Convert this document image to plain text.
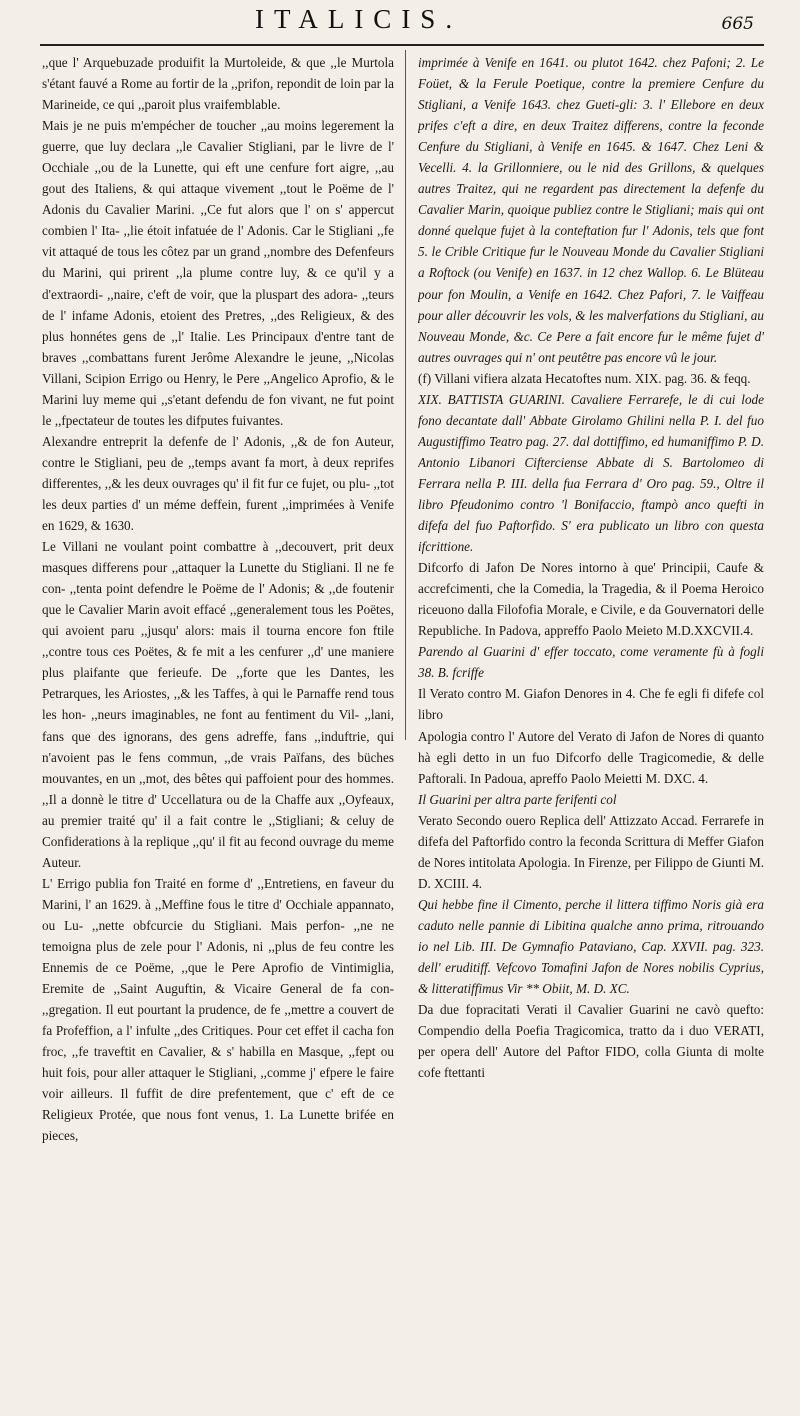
ITALICIS.	665

,,que l' Arquebuzade produifit la Murtoleide, & que ,,le Murtola s'étant fauvé a Rome au fortir de la ,,prifon, repondit de loin par la Marineide, ce qui ,,paroit plus vraifemblable.

Mais je ne puis m'empécher de toucher ,,au moins legerement la guerre, que luy declara ,,le Cavalier Stigliani, par le livre de l' Occhiale ,,ou de la Lunette, qui eft une cenfure fort aigre, ,,au gout des Italiens, & qui attaque vivement ,,tout le Poëme de l' Adonis du Cavalier Marini. ,,Ce fut alors que l' on s' appercut combien l' Ita- ,,lie étoit infatuée de l' Adonis. Car le Stigliani ,,fe vit attaqué de tous les côtez par un grand ,,nombre des Defenfeurs du Marini, qui prirent ,,la plume contre luy, & ce qu'il y a d'extraordi- ,,naire, c'eft de voir, que la pluspart des adora- ,,teurs de l' infame Adonis, etoient des Pretres, ,,des Religieux, & des plus honnétes gens de ,,l' Italie. Les Principaux d'entre tant de braves ,,combattans furent Jerôme Alexandre le jeune, ,,Nicolas Villani, Scipion Errigo ou Henry, le Pere ,,Angelico Aprofio, & le Marini luy meme qui ,,s'etant defendu de fon vivant, ne fut point le ,,fpectateur de toutes les difputes fuivantes.

Alexandre entreprit la defenfe de l' Adonis, ,,& de fon Auteur, contre le Stigliani, peu de ,,temps avant fa mort, à deux reprifes differentes, ,,& les deux ouvrages qu' il fit fur ce fujet, ou plu- ,,tot les deux parties d' un méme deffein, furent ,,imprimées à Venife en 1629, & 1630.

Le Villani ne voulant point combattre à ,,decouvert, prit deux masques differens pour ,,attaquer la Lunette du Stigliani. Il ne fe con- ,,tenta point defendre le Poëme de l' Adonis; & ,,de foutenir que le Cavalier Marin avoit effacé ,,generalement tous les Poëtes, qui avoient paru ,,jusqu' alors: mais il tourna encore fon ftile ,,contre tous ces Poëtes, & fe mit a les cenfurer ,,d' une maniere plus plaifante que ferieufe. De ,,forte que les Dantes, les Petrarques, les Ariostes, ,,& les Taffes, à qui le Parnaffe rend tous les hon- ,,neurs imaginables, ne font au fentiment du Vil- ,,lani, fans que des ignorans, des gens adreffe, fans ,,induftrie, qui n'avoient pas le fens commun, ,,de vrais Païfans, des büches mouvantes, en un ,,mot, des bêtes qui paffoient pour des hommes. ,,Il a donnè le titre d' Uccellatura ou de la Chaffe aux ,,Oyfeaux, au premier traité qu' il a fait contre le ,,Stigliani; & celuy de Confiderations à la replique ,,qu' il fit au fecond ouvrage du meme Auteur.

L' Errigo publia fon Traité en forme d' ,,Entretiens, en faveur du Marini, l' an 1629. à ,,Meffine fous le titre d' Occhiale appannato, ou Lu- ,,nette obfcurcie du Stigliani. Mais perfon- ,,ne ne temoigna plus de zele pour l' Adonis, ni ,,plus de feu contre les Ennemis de ce Poëme, ,,que le Pere Aprofio de Vintimiglia, Eremite de ,,Saint Auguftin, & Vicaire General de fa con- ,,gregation. Il eut pourtant la prudence, de fe ,,mettre a couvert de fa Profeffion, a l' infulte ,,des Critiques. Pour cet effet il cacha fon froc, ,,fe traveftit en Cavalier, & s' habilla en Masque, ,,fept ou huit fois, pour aller attaquer le Stigliani, ,,comme j' efpere le faire voir ailleurs. Il fuffit de dire prefentement, que c' eft de ce Religieux Protée, que nous font venus, 1. La Lunette brifée en pieces,

imprimée à Venife en 1641. ou plutot 1642. chez Pafoni; 2. Le Foüet, & la Ferule Poetique, contre la premiere Cenfure du Stigliani, a Venife 1643. chez Gueti-gli: 3. l' Ellebore en deux prifes c'eft a dire, en deux Traitez differens, contre la feconde Cenfure du Stigliani, à Venife en 1645. & 1647. Chez Leni & Vecelli. 4. la Grillonniere, ou le nid des Grillons, & quelques autres Traitez, qui ne regardent pas directement la defenfe du Cavalier Marin, quoique publiez contre le Stigliani; mais qui ont donné quelque fujet à la conteftation fur l' Adonis, tels que font 5. le Crible Critique fur le Nouveau Monde du Cavalier Stigliani a Roftock (ou Venife) en 1637. in 12 chez Wallop. 6. Le Blüteau pour fon Moulin, a Venife en 1642. Chez Pafori, 7. le Vaiffeau pour aller découvrir les vols, & les malverfations du Stigliani, au Nouveau Monde, &c. Ce Pere a fait encore fur le même fujet d' autres ouvrages qui n' ont peutêtre pas encore vû le jour.

(f) Villani vifiera alzata Hecatoftes num. XIX. pag. 36. & feqq.

XIX. BATTISTA GUARINI. Cavaliere Ferrarefe, le di cui lode fono decantate dall' Abbate Girolamo Ghilini nella P. I. del fuo Augustiffimo Teatro pag. 27. dal dottiffimo, ed humaniffimo P. D. Antonio Libanori Cifterciense Abbate di S. Bartolomeo di Ferrara nella P. III. della fua Ferrara d' Oro pag. 59., Oltre il libro Pfeudonimo contro 'l Bonifaccio, ftampò anco quefti in difefa del fuo Paftorfido. S' era publicato un libro con questa ifcrittione.

Difcorfo di Jafon De Nores intorno à que' Principii, Caufe & accrefcimenti, che la Comedia, la Tragedia, & il Poema Heroico riceuono dalla Filofofia Morale, e Civile, e da Gouvernatori delle Republiche. In Padova, appreffo Paolo Meieto M.D.XXCVII.4.

Parendo al Guarini d' effer toccato, come veramente fù à fogli 38. B. fcriffe

Il Verato contro M. Giafon Denores in 4. Che fe egli fi difefe col libro

Apologia contro l' Autore del Verato di Jafon de Nores di quanto hà egli detto in un fuo Difcorfo delle Tragicomedie, & delle Paftorali. In Padoua, apreffo Paolo Meietti M. DXC. 4.

Il Guarini per altra parte ferifenti col

Verato Secondo ouero Replica dell' Attizzato Accad. Ferrarefe in difefa del Paftorfido contro la feconda Scrittura di Meffer Giafon de Nores intitolata Apologia. In Firenze, per Filippo de Giunti M. D. XCIII. 4.

Qui hebbe fine il Cimento, perche il littera tiffimo Noris già era caduto nelle pannie di Libitina qualche anno prima, ritrouando io nel Lib. III. De Gymnafio Pataviano, Cap. XXVII. pag. 323. dell' eruditiff. Vefcovo Tomafini Jafon de Nores nobilis Cyprius, & litteratiffimus Vir ** Obiit, M. D. XC.

Da due fopracitati Verati il Cavalier Guarini ne cavò quefto: Compendio della Poefia Tragicomica, tratto da i duo VERATI, per opera dell' Autore del Paftor FIDO, colla Giunta di molte cofe ftettanti
